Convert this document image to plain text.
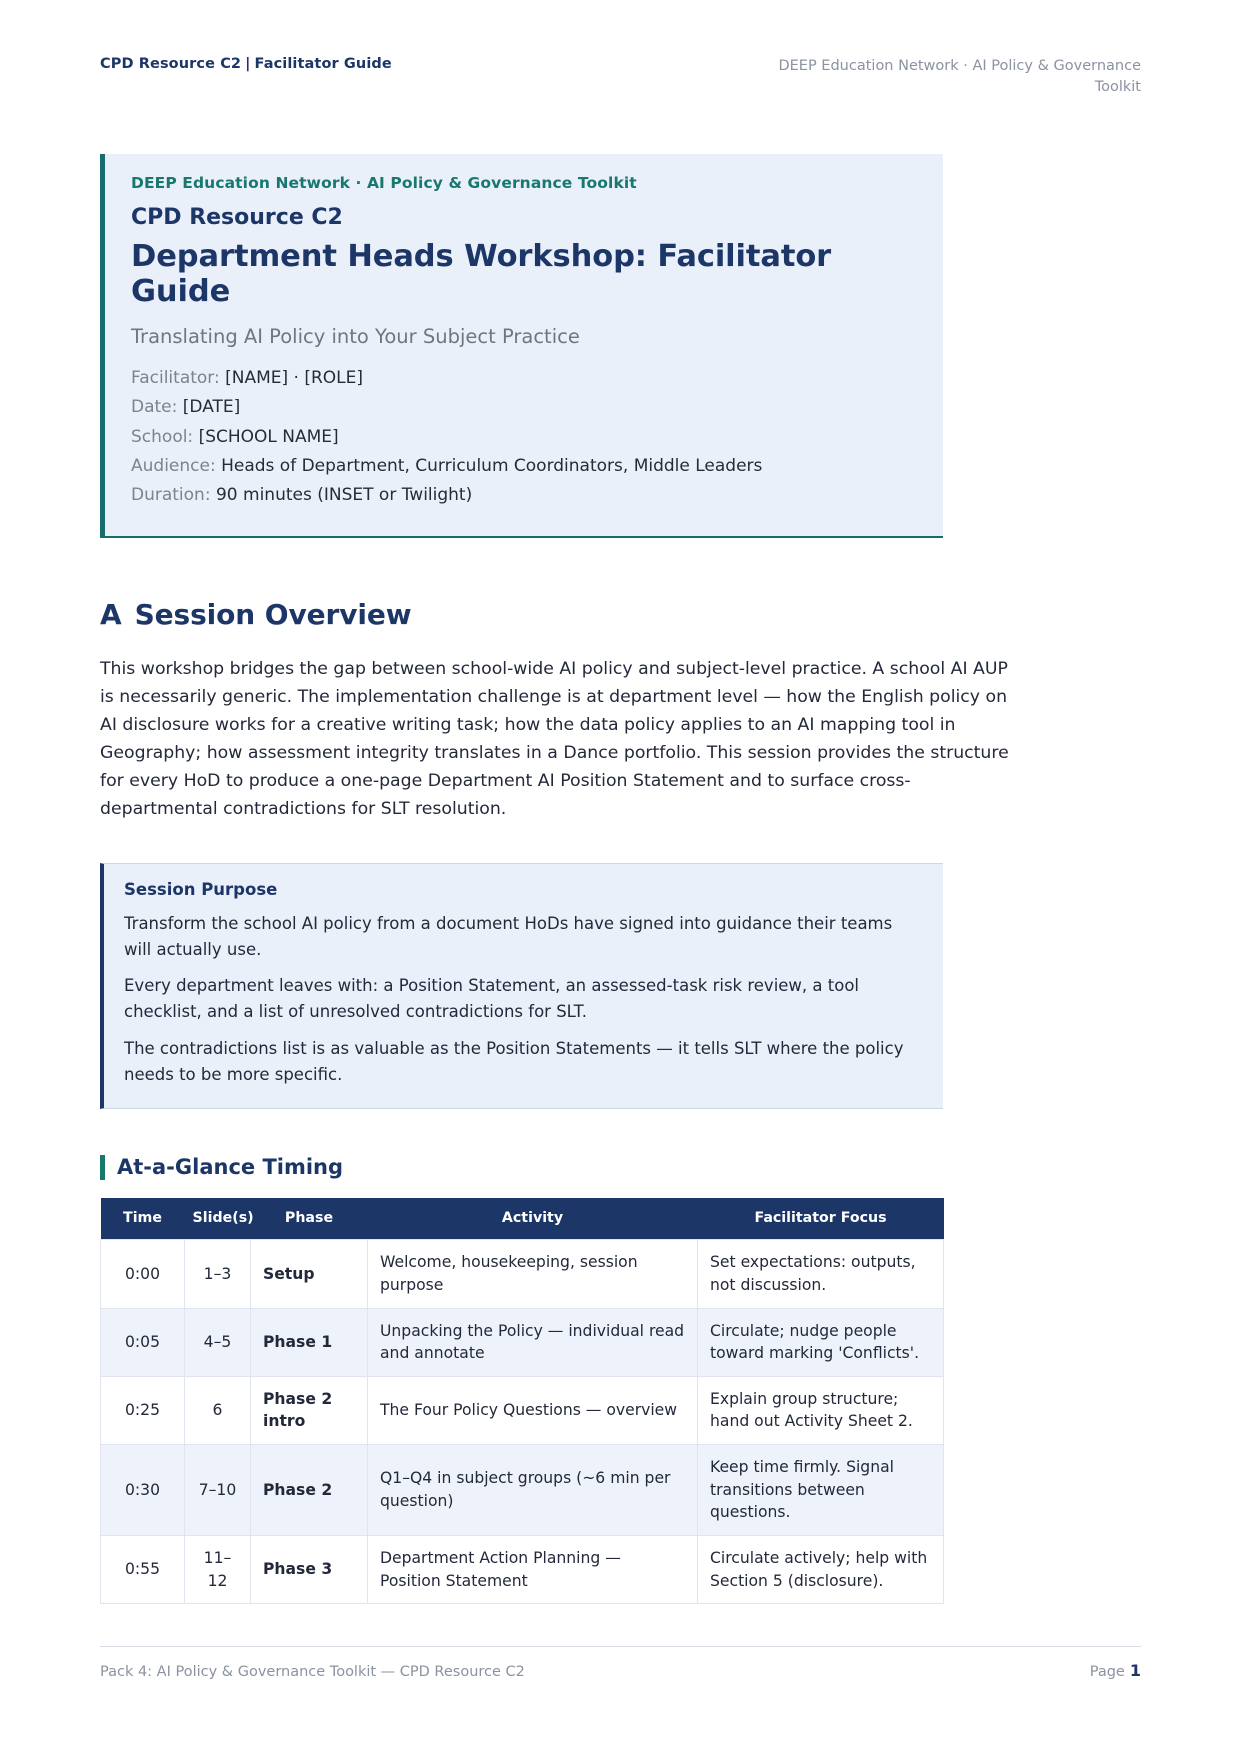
CPD Resource C2 | Facilitator Guide	DEEP Education Network · AI Policy & Governance Toolkit
DEEP Education Network · AI Policy & Governance Toolkit
CPD Resource C2
Department Heads Workshop: Facilitator Guide
Translating AI Policy into Your Subject Practice
Facilitator: [NAME] · [ROLE]
Date: [DATE]
School: [SCHOOL NAME]
Audience: Heads of Department, Curriculum Coordinators, Middle Leaders
Duration: 90 minutes (INSET or Twilight)
A Session Overview

This workshop bridges the gap between school-wide AI policy and subject-level practice. A school AI AUP is necessarily generic. The implementation challenge is at department level — how the English policy on AI disclosure works for a creative writing task; how the data policy applies to an AI mapping tool in Geography; how assessment integrity translates in a Dance portfolio. This session provides the structure for every HoD to produce a one-page Department AI Position Statement and to surface cross-departmental contradictions for SLT resolution.

Session Purpose
Transform the school AI policy from a document HoDs have signed into guidance their teams will actually use.
Every department leaves with: a Position Statement, an assessed-task risk review, a tool checklist, and a list of unresolved contradictions for SLT.
The contradictions list is as valuable as the Position Statements — it tells SLT where the policy needs to be more specific.
At-a-Glance Timing
Time	Slide(s)	Phase	Activity	Facilitator Focus
0:00	1–3	Setup	Welcome, housekeeping, session purpose	Set expectations: outputs, not discussion.
0:05	4–5	Phase 1	Unpacking the Policy — individual read and annotate	Circulate; nudge people toward marking 'Conflicts'.
0:25	6	Phase 2 intro	The Four Policy Questions — overview	Explain group structure; hand out Activity Sheet 2.
0:30	7–10	Phase 2	Q1–Q4 in subject groups (~6 min per question)	Keep time firmly. Signal transitions between questions.
0:55	11–12	Phase 3	Department Action Planning — Position Statement	Circulate actively; help with Section 5 (disclosure).
Pack 4: AI Policy & Governance Toolkit — CPD Resource C2	Page 1
